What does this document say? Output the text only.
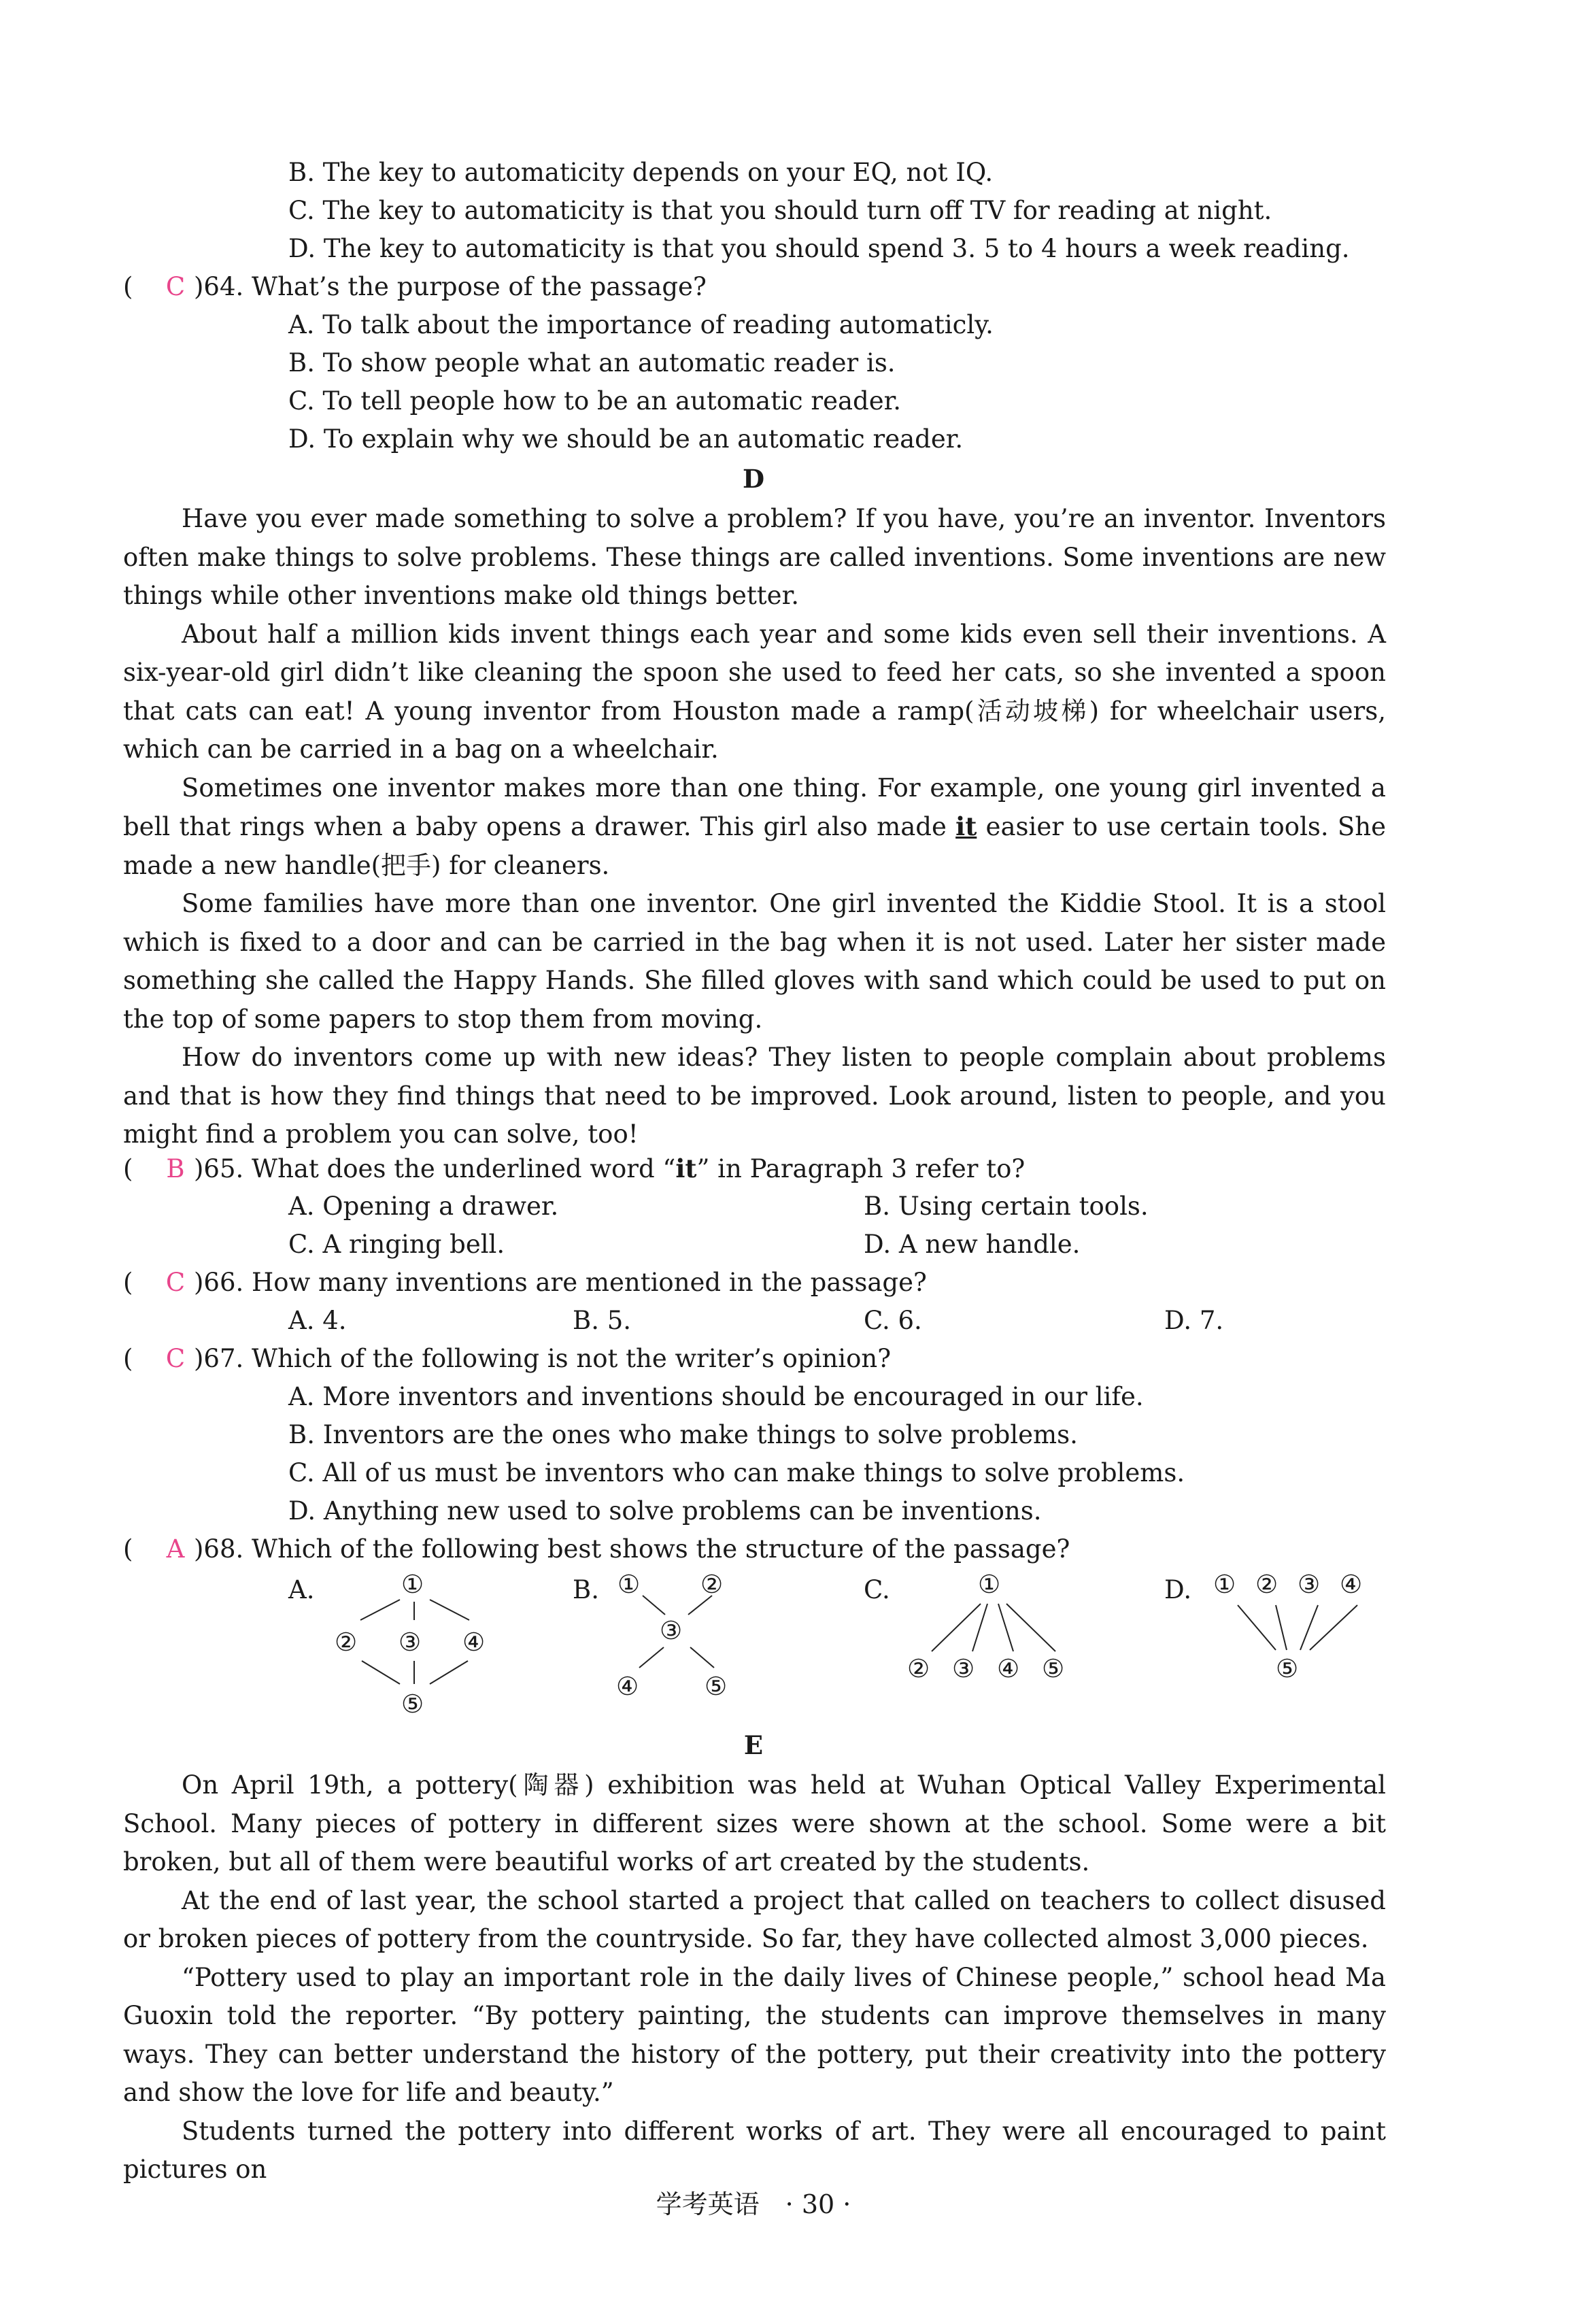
B. The key to automaticity depends on your EQ, not IQ.
C. The key to automaticity is that you should turn off TV for reading at night.
D. The key to automaticity is that you should spend 3. 5 to 4 hours a week reading.
( C )64. What’s the purpose of the passage?
A. To talk about the importance of reading automaticly.
B. To show people what an automatic reader is.
C. To tell people how to be an automatic reader.
D. To explain why we should be an automatic reader.
D

Have you ever made something to solve a problem? If you have, you’re an inventor. Inventors often make things to solve problems. These things are called inventions. Some inventions are new things while other inventions make old things better.

About half a million kids invent things each year and some kids even sell their inventions. A six-year-old girl didn’t like cleaning the spoon she used to feed her cats, so she invented a spoon that cats can eat! A young inventor from Houston made a ramp(活动坡梯) for wheelchair users, which can be carried in a bag on a wheelchair.

Sometimes one inventor makes more than one thing. For example, one young girl invented a bell that rings when a baby opens a drawer. This girl also made it easier to use certain tools. She made a new handle(把手) for cleaners.

Some families have more than one inventor. One girl invented the Kiddie Stool. It is a stool which is fixed to a door and can be carried in the bag when it is not used. Later her sister made something she called the Happy Hands. She filled gloves with sand which could be used to put on the top of some papers to stop them from moving.

How do inventors come up with new ideas? They listen to people complain about problems and that is how they find things that need to be improved. Look around, listen to people, and you might find a problem you can solve, too!

( B )65. What does the underlined word “it” in Paragraph 3 refer to?
A. Opening a drawer.	B. Using certain tools.
C. A ringing bell.	D. A new handle.
( C )66. How many inventions are mentioned in the passage?
A. 4.	B. 5.	C. 6.	D. 7.
( C )67. Which of the following is not the writer’s opinion?
A. More inventors and inventions should be encouraged in our life.
B. Inventors are the ones who make things to solve problems.
C. All of us must be inventors who can make things to solve problems.
D. Anything new used to solve problems can be inventions.
( A )68. Which of the following best shows the structure of the passage?
A.	①
② ③ ④
⑤
B. ① ②
③
④	⑤
C.	①
② ③ ④ ⑤
D. ① ② ③ ④
⑤
E

On April 19th, a pottery(陶器) exhibition was held at Wuhan Optical Valley Experimental School. Many pieces of pottery in different sizes were shown at the school. Some were a bit broken, but all of them were beautiful works of art created by the students.

At the end of last year, the school started a project that called on teachers to collect disused or broken pieces of pottery from the countryside. So far, they have collected almost 3,000 pieces.

“Pottery used to play an important role in the daily lives of Chinese people,” school head Ma Guoxin told the reporter. “By pottery painting, the students can improve themselves in many ways. They can better understand the history of the pottery, put their creativity into the pottery and show the love for life and beauty.”

Students turned the pottery into different works of art. They were all encouraged to paint pictures on

学考英语　· 30 ·
